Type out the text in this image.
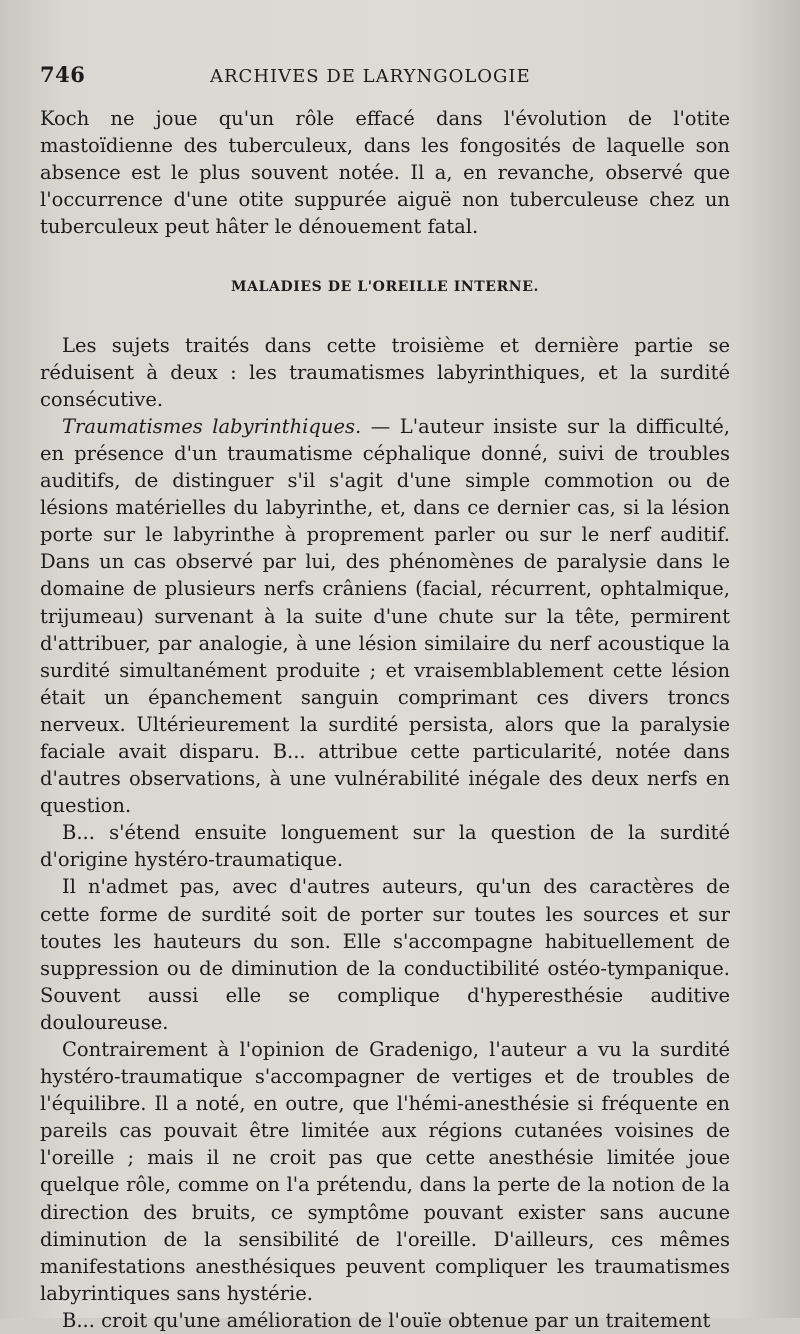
746	ARCHIVES DE LARYNGOLOGIE

Koch ne joue qu'un rôle effacé dans l'évolution de l'otite mastoïdienne des tuberculeux, dans les fongosités de laquelle son absence est le plus souvent notée. Il a, en revanche, observé que l'occurrence d'une otite suppurée aiguë non tuberculeuse chez un tuberculeux peut hâter le dénouement fatal.

MALADIES DE L'OREILLE INTERNE.

Les sujets traités dans cette troisième et dernière partie se réduisent à deux : les traumatismes labyrinthiques, et la surdité consécutive.

Traumatismes labyrinthiques. — L'auteur insiste sur la difficulté, en présence d'un traumatisme céphalique donné, suivi de troubles auditifs, de distinguer s'il s'agit d'une simple commotion ou de lésions matérielles du labyrinthe, et, dans ce dernier cas, si la lésion porte sur le labyrinthe à proprement parler ou sur le nerf auditif. Dans un cas observé par lui, des phénomènes de paralysie dans le domaine de plusieurs nerfs crâniens (facial, récurrent, ophtalmique, trijumeau) survenant à la suite d'une chute sur la tête, permirent d'attribuer, par analogie, à une lésion similaire du nerf acoustique la surdité simultanément produite ; et vraisemblablement cette lésion était un épanchement sanguin comprimant ces divers troncs nerveux. Ultérieurement la surdité persista, alors que la paralysie faciale avait disparu. B... attribue cette particularité, notée dans d'autres observations, à une vulnérabilité inégale des deux nerfs en question.

B... s'étend ensuite longuement sur la question de la surdité d'origine hystéro-traumatique.

Il n'admet pas, avec d'autres auteurs, qu'un des caractères de cette forme de surdité soit de porter sur toutes les sources et sur toutes les hauteurs du son. Elle s'accompagne habituellement de suppression ou de diminution de la conductibilité ostéo-tympanique. Souvent aussi elle se complique d'hyperesthésie auditive douloureuse.

Contrairement à l'opinion de Gradenigo, l'auteur a vu la surdité hystéro-traumatique s'accompagner de vertiges et de troubles de l'équilibre. Il a noté, en outre, que l'hémi-anesthésie si fréquente en pareils cas pouvait être limitée aux régions cutanées voisines de l'oreille ; mais il ne croit pas que cette anesthésie limitée joue quelque rôle, comme on l'a prétendu, dans la perte de la notion de la direction des bruits, ce symptôme pouvant exister sans aucune diminution de la sensibilité de l'oreille. D'ailleurs, ces mêmes manifestations anesthésiques peuvent compliquer les traumatismes labyrintiques sans hystérie.

B... croit qu'une amélioration de l'ouïe obtenue par un traitement
